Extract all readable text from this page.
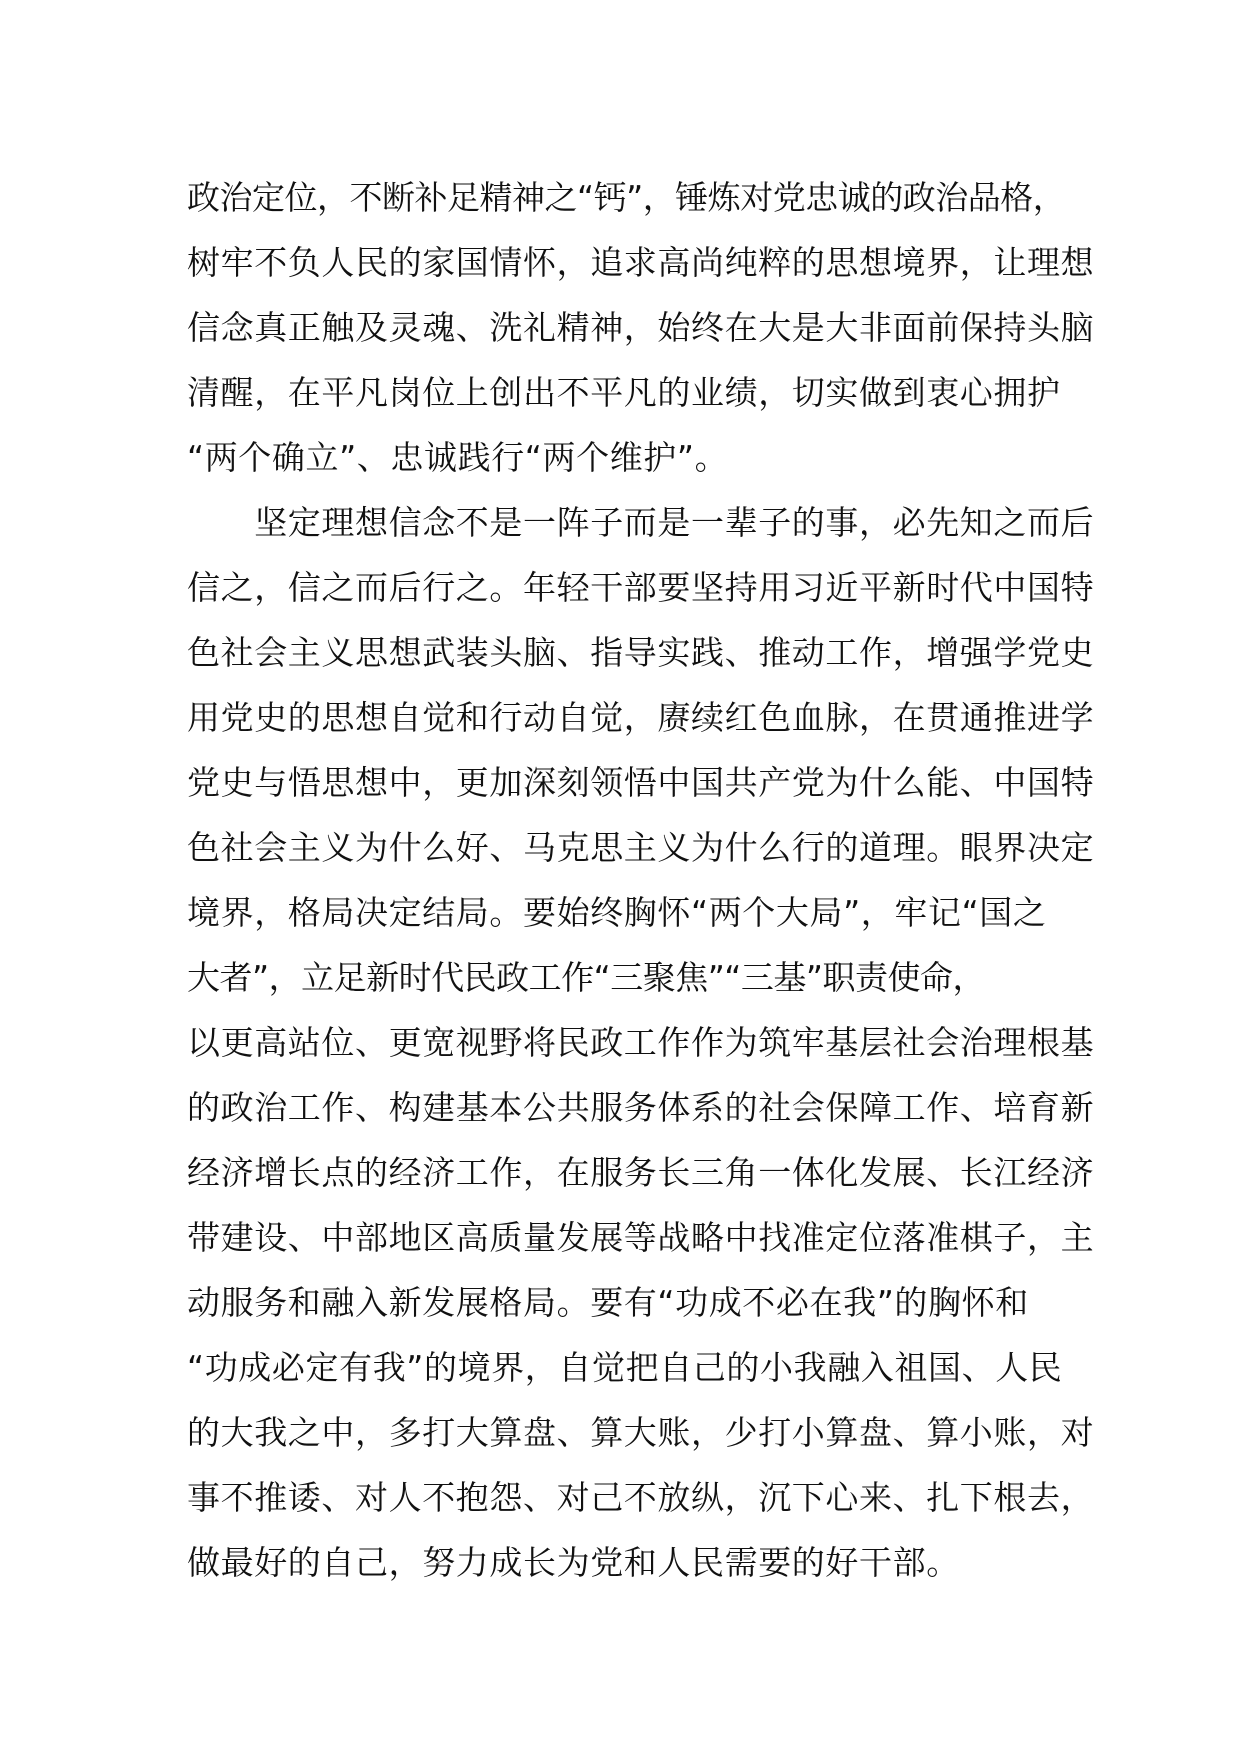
政治定位，不断补足精神之“钙”，锤炼对党忠诚的政治品格，
树牢不负人民的家国情怀，追求高尚纯粹的思想境界，让理想
信念真正触及灵魂、洗礼精神，始终在大是大非面前保持头脑
清醒，在平凡岗位上创出不平凡的业绩，切实做到衷心拥护
“两个确立”、忠诚践行“两个维护”。
　　坚定理想信念不是一阵子而是一辈子的事，必先知之而后
信之，信之而后行之。年轻干部要坚持用习近平新时代中国特
色社会主义思想武装头脑、指导实践、推动工作，增强学党史
用党史的思想自觉和行动自觉，赓续红色血脉，在贯通推进学
党史与悟思想中，更加深刻领悟中国共产党为什么能、中国特
色社会主义为什么好、马克思主义为什么行的道理。眼界决定
境界，格局决定结局。要始终胸怀“两个大局”，牢记“国之
大者”，立足新时代民政工作“三聚焦”“三基”职责使命，
以更高站位、更宽视野将民政工作作为筑牢基层社会治理根基
的政治工作、构建基本公共服务体系的社会保障工作、培育新
经济增长点的经济工作，在服务长三角一体化发展、长江经济
带建设、中部地区高质量发展等战略中找准定位落准棋子，主
动服务和融入新发展格局。要有“功成不必在我”的胸怀和
“功成必定有我”的境界，自觉把自己的小我融入祖国、人民
的大我之中，多打大算盘、算大账，少打小算盘、算小账，对
事不推诿、对人不抱怨、对己不放纵，沉下心来、扎下根去，
做最好的自己，努力成长为党和人民需要的好干部。
